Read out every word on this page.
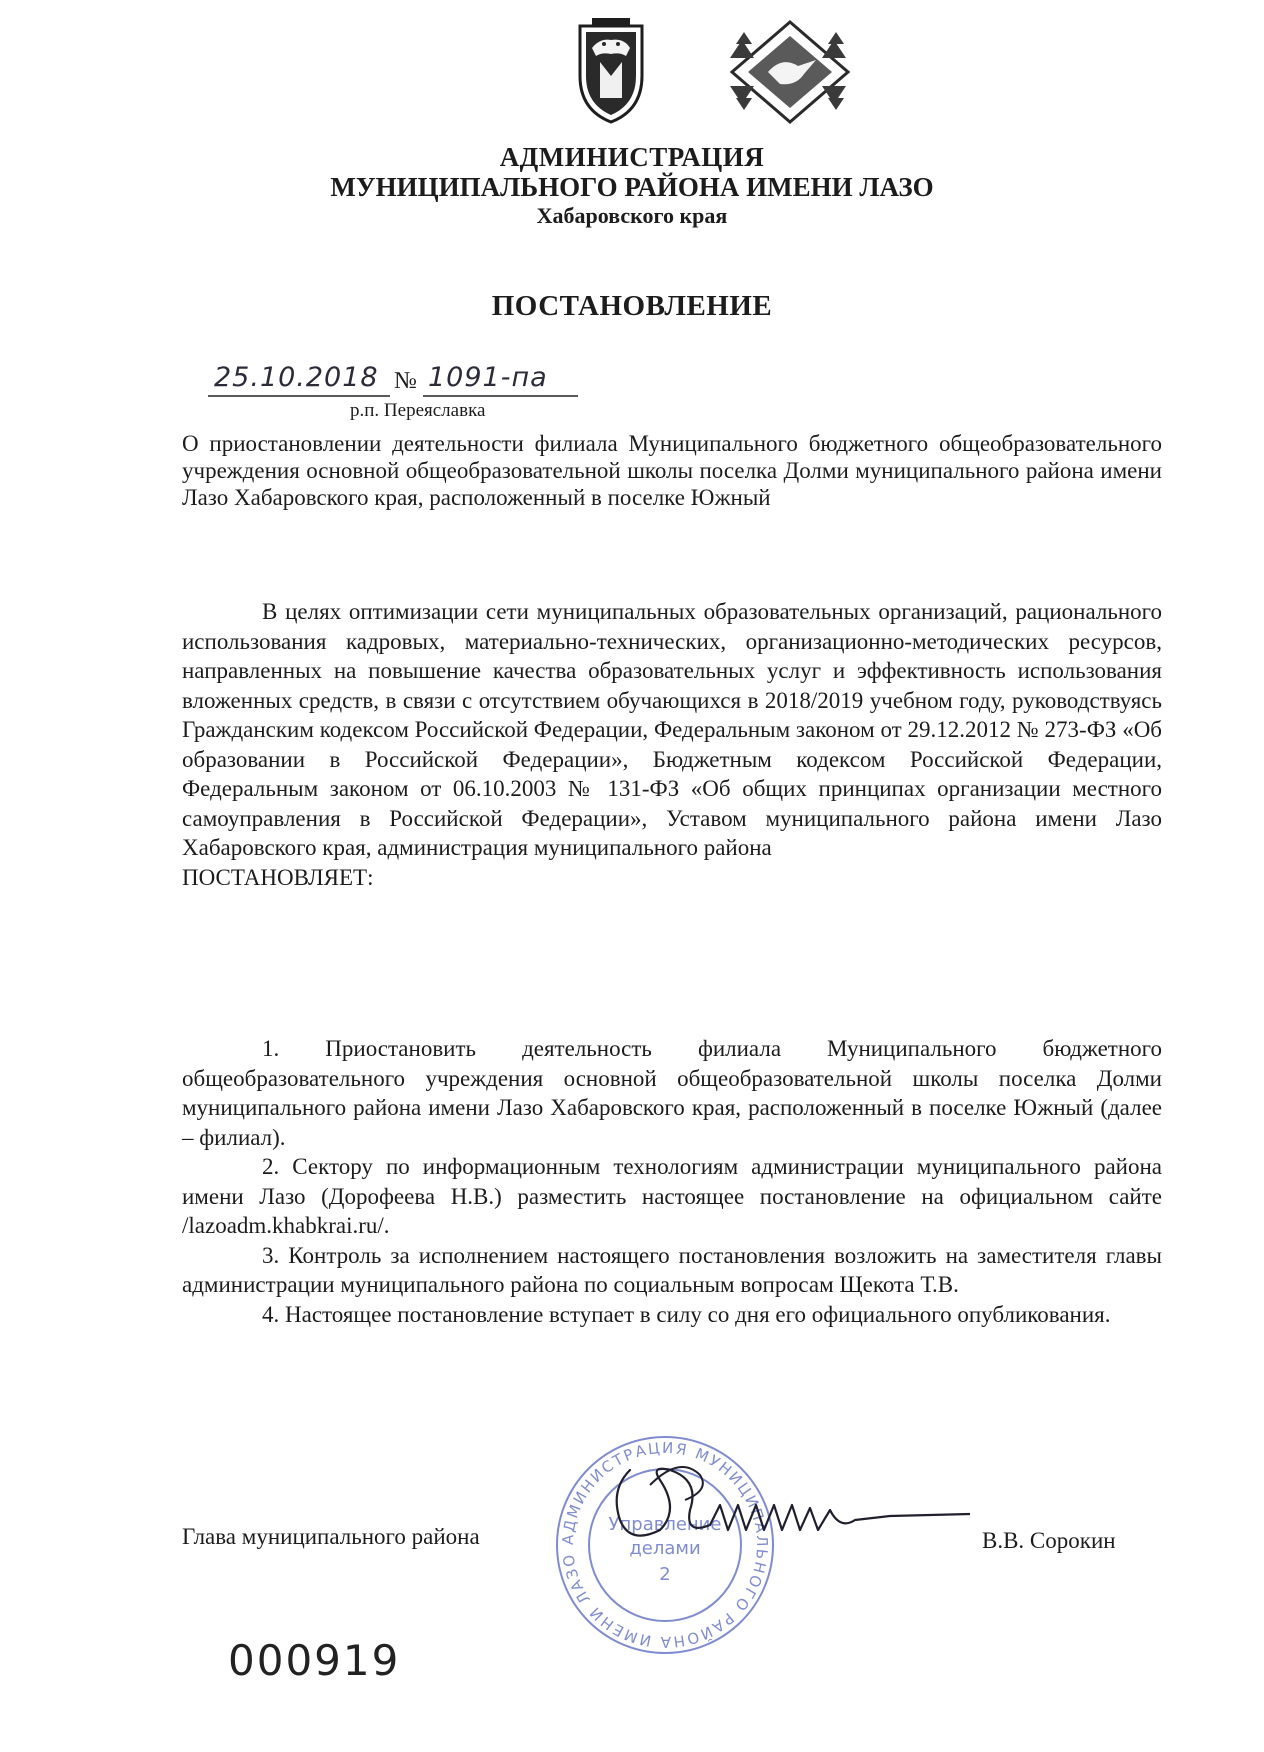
АДМИНИСТРАЦИЯ
МУНИЦИПАЛЬНОГО РАЙОНА ИМЕНИ ЛАЗО
Хабаровского края
ПОСТАНОВЛЕНИЕ
25.10.2018 № 1091-па
р.п. Переяславка
О приостановлении деятельности филиала Муниципального бюджетного общеобразовательного учреждения основной общеобразовательной школы поселка Долми муниципального района имени Лазо Хабаровского края, расположенный в поселке Южный

В целях оптимизации сети муниципальных образовательных организаций, рационального использования кадровых, материально-технических, организационно-методических ресурсов, направленных на повышение качества образовательных услуг и эффективность использования вложенных средств, в связи с отсутствием обучающихся в 2018/2019 учебном году, руководствуясь Гражданским кодексом Российской Федерации, Федеральным законом от 29.12.2012 № 273-ФЗ «Об образовании в Российской Федерации», Бюджетным кодексом Российской Федерации, Федеральным законом от 06.10.2003 № 131-ФЗ «Об общих принципах организации местного самоуправления в Российской Федерации», Уставом муниципального района имени Лазо Хабаровского края, администрация муниципального района

ПОСТАНОВЛЯЕТ:

1. Приостановить деятельность филиала Муниципального бюджетного общеобразовательного учреждения основной общеобразовательной школы поселка Долми муниципального района имени Лазо Хабаровского края, расположенный в поселке Южный (далее – филиал).

2. Сектору по информационным технологиям администрации муниципального района имени Лазо (Дорофеева Н.В.) разместить настоящее постановление на официальном сайте /lazoadm.khabkrai.ru/.

3. Контроль за исполнением настоящего постановления возложить на заместителя главы администрации муниципального района по социальным вопросам Щекота Т.В.

4. Настоящее постановление вступает в силу со дня его официального опубликования.

АДМИНИСТРАЦИЯ МУНИЦИПАЛЬНОГО РАЙОНА ИМЕНИ ЛАЗО
Управление
делами
2
Глава муниципального района	В.В. Сорокин
000919
